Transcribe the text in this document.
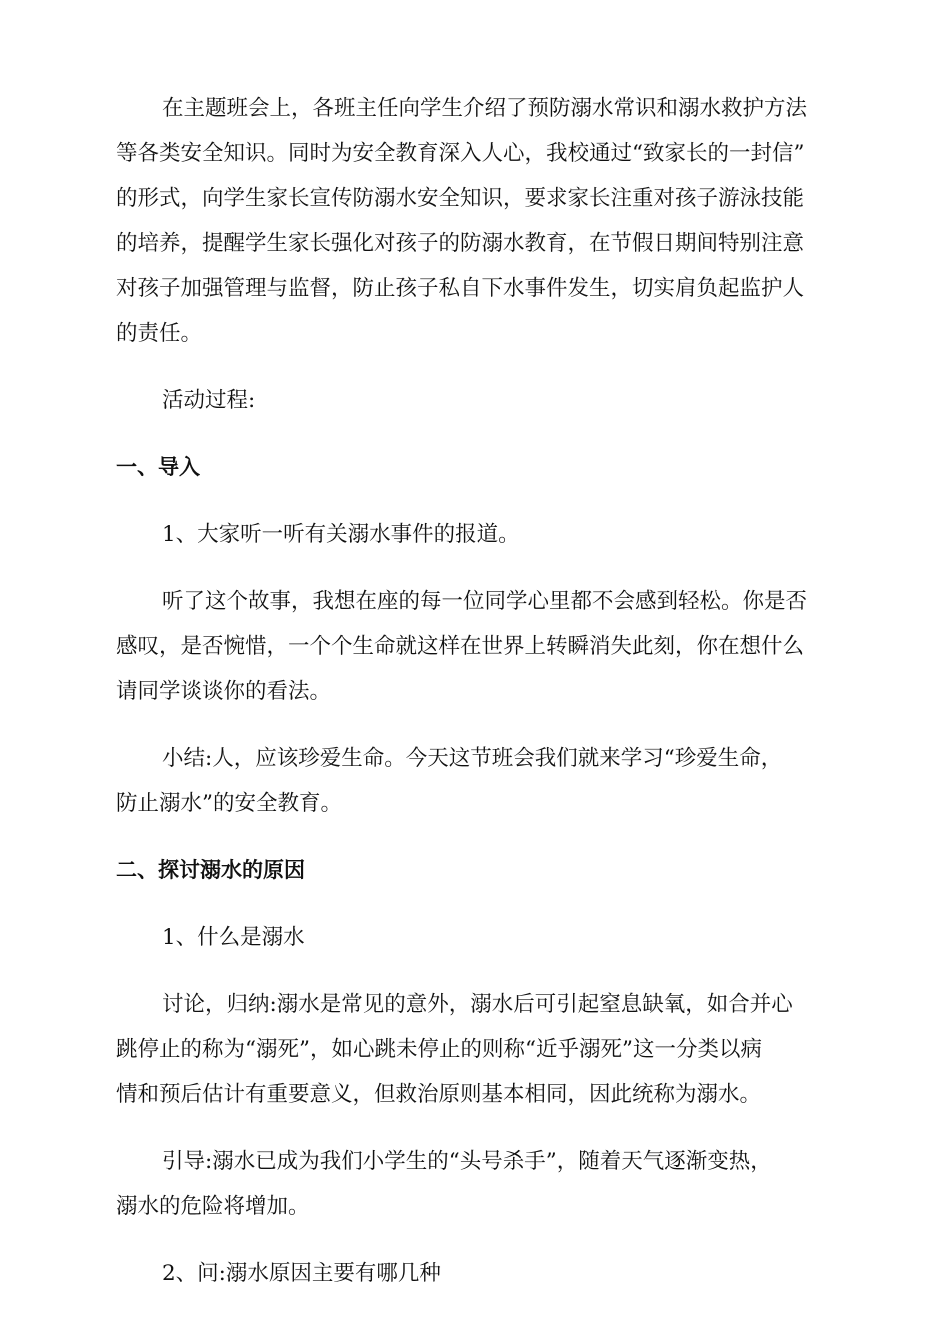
在主题班会上，各班主任向学生介绍了预防溺水常识和溺水救护方法
等各类安全知识。同时为安全教育深入人心，我校通过“致家长的一封信”
的形式，向学生家长宣传防溺水安全知识，要求家长注重对孩子游泳技能
的培养，提醒学生家长强化对孩子的防溺水教育，在节假日期间特别注意
对孩子加强管理与监督，防止孩子私自下水事件发生，切实肩负起监护人
的责任。

活动过程:

一、导入

1、大家听一听有关溺水事件的报道。

听了这个故事，我想在座的每一位同学心里都不会感到轻松。你是否
感叹，是否惋惜，一个个生命就这样在世界上转瞬消失此刻，你在想什么
请同学谈谈你的看法。

小结:人，应该珍爱生命。今天这节班会我们就来学习“珍爱生命，
防止溺水”的安全教育。

二、探讨溺水的原因

1、什么是溺水

讨论，归纳:溺水是常见的意外，溺水后可引起窒息缺氧，如合并心
跳停止的称为“溺死”，如心跳未停止的则称“近乎溺死”这一分类以病
情和预后估计有重要意义，但救治原则基本相同，因此统称为溺水。

引导:溺水已成为我们小学生的“头号杀手”，随着天气逐渐变热，
溺水的危险将增加。

2、问:溺水原因主要有哪几种
